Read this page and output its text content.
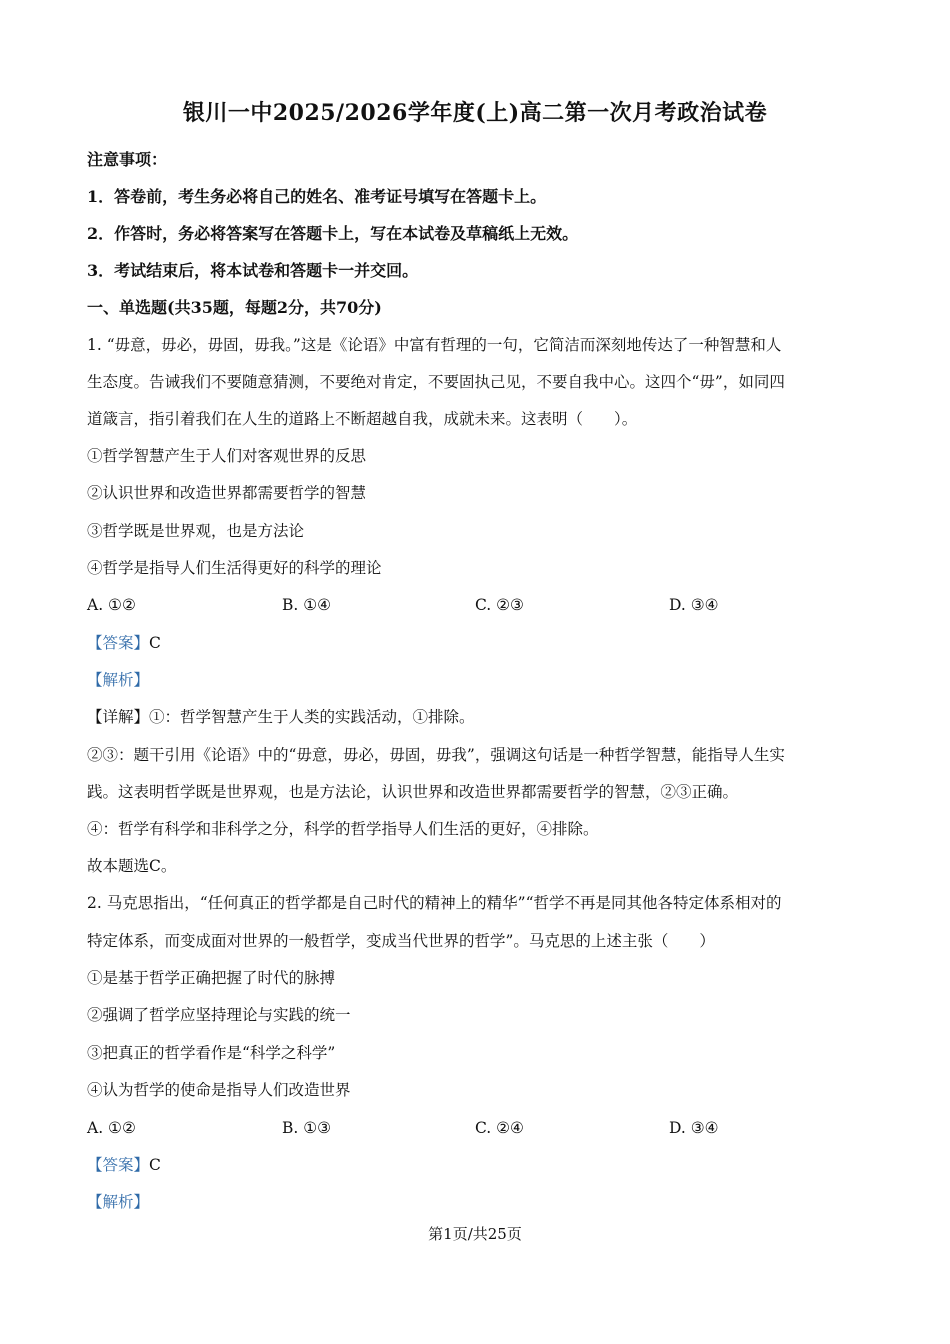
银川一中2025/2026学年度(上)高二第一次月考政治试卷
注意事项：
1．答卷前，考生务必将自己的姓名、准考证号填写在答题卡上。
2．作答时，务必将答案写在答题卡上，写在本试卷及草稿纸上无效。
3．考试结束后，将本试卷和答题卡一并交回。
一、单选题(共35题，每题2分，共70分)
1. “毋意，毋必，毋固，毋我。”这是《论语》中富有哲理的一句，它简洁而深刻地传达了一种智慧和人
生态度。告诫我们不要随意猜测，不要绝对肯定，不要固执己见，不要自我中心。这四个“毋”，如同四
道箴言，指引着我们在人生的道路上不断超越自我，成就未来。这表明（　　）。
①哲学智慧产生于人们对客观世界的反思
②认识世界和改造世界都需要哲学的智慧
③哲学既是世界观，也是方法论
④哲学是指导人们生活得更好的科学的理论
A. ①②	B. ①④	C. ②③	D. ③④
【答案】C
【解析】
【详解】①：哲学智慧产生于人类的实践活动，①排除。
②③：题干引用《论语》中的“毋意，毋必，毋固，毋我”，强调这句话是一种哲学智慧，能指导人生实
践。这表明哲学既是世界观，也是方法论，认识世界和改造世界都需要哲学的智慧，②③正确。
④：哲学有科学和非科学之分，科学的哲学指导人们生活的更好，④排除。
故本题选C。
2. 马克思指出，“任何真正的哲学都是自己时代的精神上的精华”“哲学不再是同其他各特定体系相对的
特定体系，而变成面对世界的一般哲学，变成当代世界的哲学”。马克思的上述主张（　　）
①是基于哲学正确把握了时代的脉搏
②强调了哲学应坚持理论与实践的统一
③把真正的哲学看作是“科学之科学”
④认为哲学的使命是指导人们改造世界
A. ①②	B. ①③	C. ②④	D. ③④
【答案】C
【解析】
第1页/共25页
